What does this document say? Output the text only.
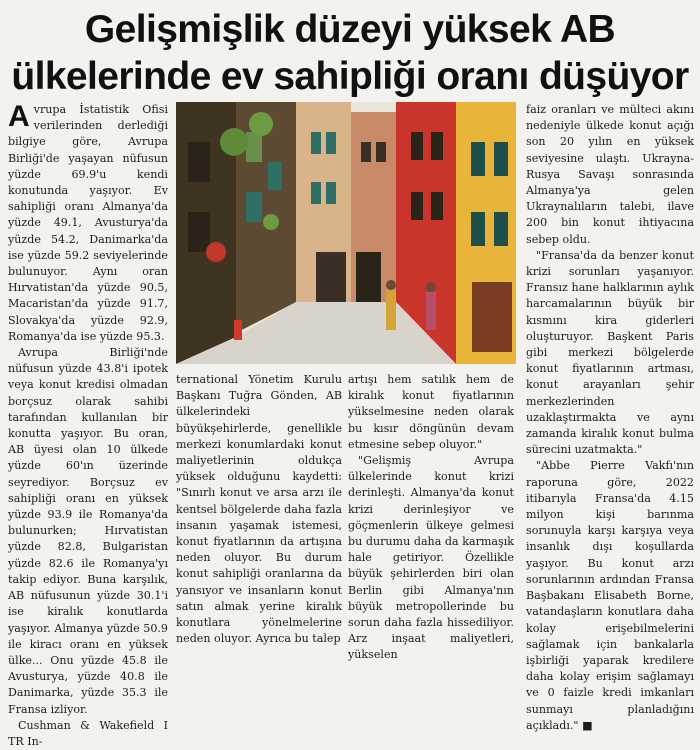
Gelişmişlik düzeyi yüksek AB
ülkelerinde ev sahipliği oranı düşüyor

Avrupa İstatistik Ofisi verilerinden derlediği bilgiye göre, Avrupa Birliği'de yaşayan nüfusun yüzde 69.9'u kendi konutunda yaşıyor. Ev sahipliği oranı Almanya'da yüzde 49.1, Avusturya'da yüzde 54.2, Danimarka'da ise yüzde 59.2 seviyelerinde bulunuyor. Aynı oran Hırvatistan'da yüzde 90.5, Macaristan'da yüzde 91.7, Slovakya'da yüzde 92.9, Romanya'da ise yüzde 95.3.

Avrupa Birliği'nde nüfusun yüzde 43.8'i ipotek veya konut kredisi olmadan borçsuz olarak sahibi tarafından kullanılan bir konutta yaşıyor. Bu oran, AB üyesi olan 10 ülkede yüzde 60'ın üzerinde seyrediyor. Borçsuz ev sahipliği oranı en yüksek yüzde 93.9 ile Romanya'da bulunurken; Hırvatistan yüzde 82.8, Bulgaristan yüzde 82.6 ile Romanya'yı takip ediyor. Buna karşılık, AB nüfusunun yüzde 30.1'i ise kiralık konutlarda yaşıyor. Almanya yüzde 50.9 ile kiracı oranı en yüksek ülke... Onu yüzde 45.8 ile Avusturya, yüzde 40.8 ile Danimarka, yüzde 35.3 ile Fransa izliyor.

Cushman & Wakefield I TR In-

ternational Yönetim Kurulu Başkanı Tuğra Gönden, AB ülkelerindeki büyükşehirlerde, genellikle merkezi konumlardaki konut maliyetlerinin oldukça yüksek olduğunu kaydetti: "Sınırlı konut ve arsa arzı ile kentsel bölgelerde daha fazla insanın yaşamak istemesi, konut fiyatlarının da artışına neden oluyor. Bu durum konut sahipliği oranlarına da yansıyor ve insanların konut satın almak yerine kiralık konutlara yönelmelerine neden oluyor. Ayrıca bu talep

artışı hem satılık hem de kiralık konut fiyatlarının yükselmesine neden olarak bu kısır döngünün devam etmesine sebep oluyor."

"Gelişmiş Avrupa ülkelerinde konut krizi derinleşti. Almanya'da konut krizi derinleşiyor ve göçmenlerin ülkeye gelmesi bu durumu daha da karmaşık hale getiriyor. Özellikle büyük şehirlerden biri olan Berlin gibi Almanya'nın büyük metropollerinde bu sorun daha fazla hissediliyor. Arz inşaat maliyetleri, yükselen

faiz oranları ve mülteci akını nedeniyle ülkede konut açığı son 20 yılın en yüksek seviyesine ulaştı. Ukrayna-Rusya Savaşı sonrasında Almanya'ya gelen Ukraynalıların talebi, ilave 200 bin konut ihtiyacına sebep oldu.

"Fransa'da da benzer konut krizi sorunları yaşanıyor. Fransız hane halklarının aylık harcamalarının büyük bir kısmını kira giderleri oluşturuyor. Başkent Paris gibi merkezi bölgelerde konut fiyatlarının artması, konut arayanları şehir merkezlerinden uzaklaştırmakta ve aynı zamanda kiralık konut bulma sürecini uzatmakta."

"Abbe Pierre Vakfı'nın raporuna göre, 2022 itibarıyla Fransa'da 4.15 milyon kişi barınma sorunuyla karşı karşıya veya insanlık dışı koşullarda yaşıyor. Bu konut arzı sorunlarının ardından Fransa Başbakanı Elisabeth Borne, vatandaşların konutlara daha kolay erişebilmelerini sağlamak için bankalarla işbirliği yaparak kredilere daha kolay erişim sağlamayı ve 0 faizle kredi imkanları sunmayı planladığını açıkladı." ■
